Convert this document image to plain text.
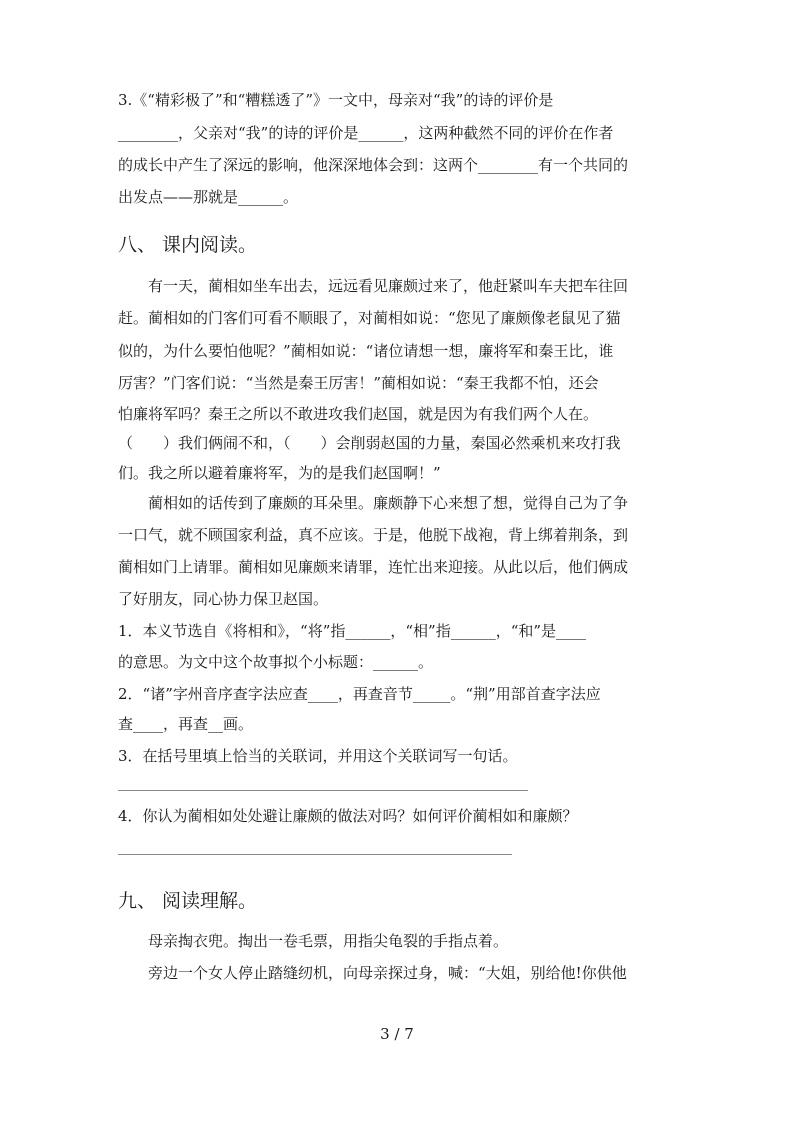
3.《“精彩极了”和“糟糕透了”》一文中，母亲对“我”的诗的评价是
________，父亲对“我”的诗的评价是______，这两种截然不同的评价在作者
的成长中产生了深远的影响，他深深地体会到：这两个________有一个共同的
出发点——那就是______。
八、 课内阅读。
有一天，蔺相如坐车出去，远远看见廉颇过来了，他赶紧叫车夫把车往回
赶。蔺相如的门客们可看不顺眼了，对蔺相如说：“您见了廉颇像老鼠见了猫
似的，为什么要怕他呢？”蔺相如说：“诸位请想一想，廉将军和秦王比，谁
厉害？”门客们说：“当然是秦王厉害！”蔺相如说：“秦王我都不怕，还会
怕廉将军吗？秦王之所以不敢进攻我们赵国，就是因为有我们两个人在。
（　　）我们俩闹不和，（　　）会削弱赵国的力量，秦国必然乘机来攻打我
们。我之所以避着廉将军，为的是我们赵国啊！”
蔺相如的话传到了廉颇的耳朵里。廉颇静下心来想了想，觉得自己为了争
一口气，就不顾国家利益，真不应该。于是，他脱下战袍，背上绑着荆条，到
蔺相如门上请罪。蔺相如见廉颇来请罪，连忙出来迎接。从此以后，他们俩成
了好朋友，同心协力保卫赵国。
1．本义节选自《将相和》，“将”指______，“相”指______，“和”是____
的意思。为文中这个故事拟个小标题：______。
2．“诸”字州音序查字法应查____，再查音节_____。“荆”用部首查字法应
查____，再查__画。
3．在括号里填上恰当的关联词，并用这个关联词写一句话。
4．你认为蔺相如处处避让廉颇的做法对吗？如何评价蔺相如和廉颇？
九、 阅读理解。
母亲掏衣兜。掏出一卷毛票，用指尖龟裂的手指点着。
旁边一个女人停止踏缝纫机，向母亲探过身，喊：“大姐，别给他!你供他
3 / 7
